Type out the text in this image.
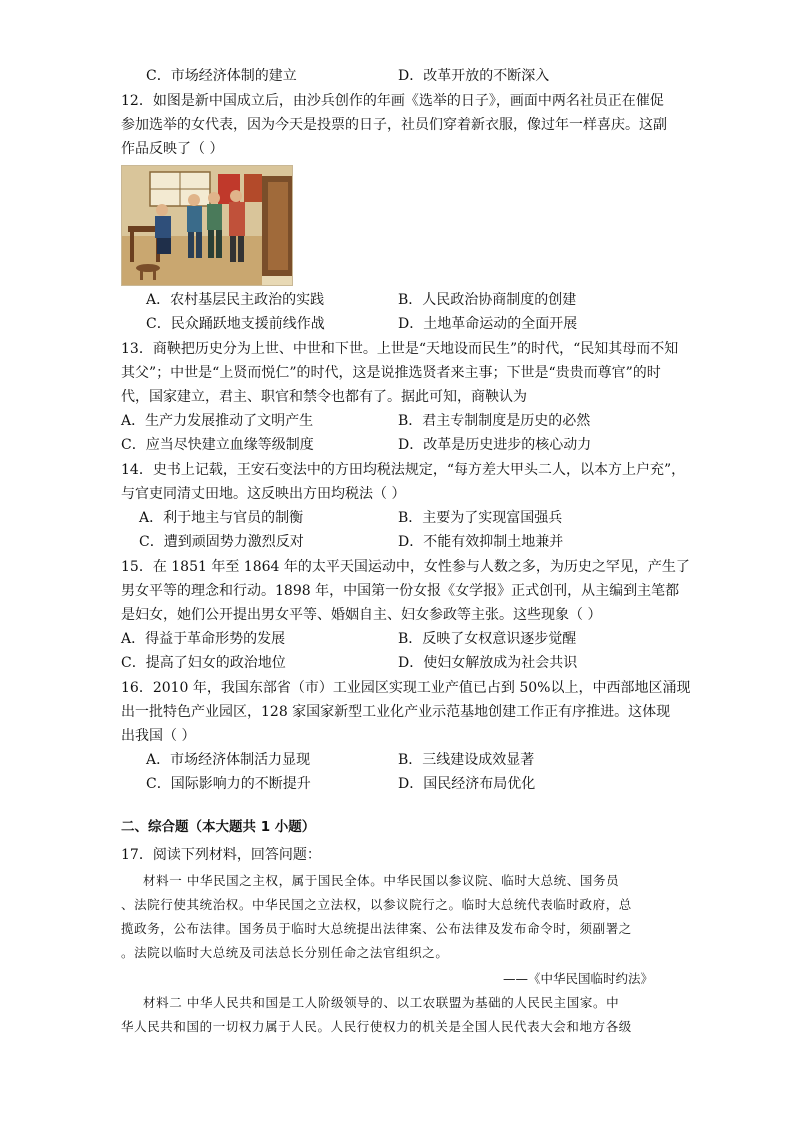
C．市场经济体制的建立	D．改革开放的不断深入
12．如图是新中国成立后，由沙兵创作的年画《选举的日子》，画面中两名社员正在催促
参加选举的女代表，因为今天是投票的日子，社员们穿着新衣服，像过年一样喜庆。这副
作品反映了（ ）
A．农村基层民主政治的实践	B．人民政治协商制度的创建
C．民众踊跃地支援前线作战	D．土地革命运动的全面开展
13．商鞅把历史分为上世、中世和下世。上世是“天地设而民生”的时代，“民知其母而不知
其父”；中世是“上贤而悦仁”的时代，这是说推选贤者来主事；下世是“贵贵而尊官”的时
代，国家建立，君主、职官和禁令也都有了。据此可知，商鞅认为
A．生产力发展推动了文明产生	B．君主专制制度是历史的必然
C．应当尽快建立血缘等级制度	D．改革是历史进步的核心动力
14．史书上记载，王安石变法中的方田均税法规定，“每方差大甲头二人，以本方上户充”，
与官吏同清丈田地。这反映出方田均税法（ ）
A．利于地主与官员的制衡	B．主要为了实现富国强兵
C．遭到顽固势力激烈反对	D．不能有效抑制土地兼并
15．在 1851 年至 1864 年的太平天国运动中，女性参与人数之多，为历史之罕见，产生了
男女平等的理念和行动。1898 年，中国第一份女报《女学报》正式创刊，从主编到主笔都
是妇女，她们公开提出男女平等、婚姻自主、妇女参政等主张。这些现象（ ）
A．得益于革命形势的发展	B．反映了女权意识逐步觉醒
C．提高了妇女的政治地位	D．使妇女解放成为社会共识
16．2010 年，我国东部省（市）工业园区实现工业产值已占到 50%以上，中西部地区涌现
出一批特色产业园区，128 家国家新型工业化产业示范基地创建工作正有序推进。这体现
出我国（ ）
A．市场经济体制活力显现	B．三线建设成效显著
C．国际影响力的不断提升	D．国民经济布局优化
二、综合题（本大题共 1 小题）
17．阅读下列材料，回答问题：
材料一 中华民国之主权，属于国民全体。中华民国以参议院、临时大总统、国务员
、法院行使其统治权。中华民国之立法权，以参议院行之。临时大总统代表临时政府，总
揽政务，公布法律。国务员于临时大总统提出法律案、公布法律及发布命令时，须副署之
。法院以临时大总统及司法总长分别任命之法官组织之。
——《中华民国临时约法》
材料二 中华人民共和国是工人阶级领导的、以工农联盟为基础的人民民主国家。中
华人民共和国的一切权力属于人民。人民行使权力的机关是全国人民代表大会和地方各级
